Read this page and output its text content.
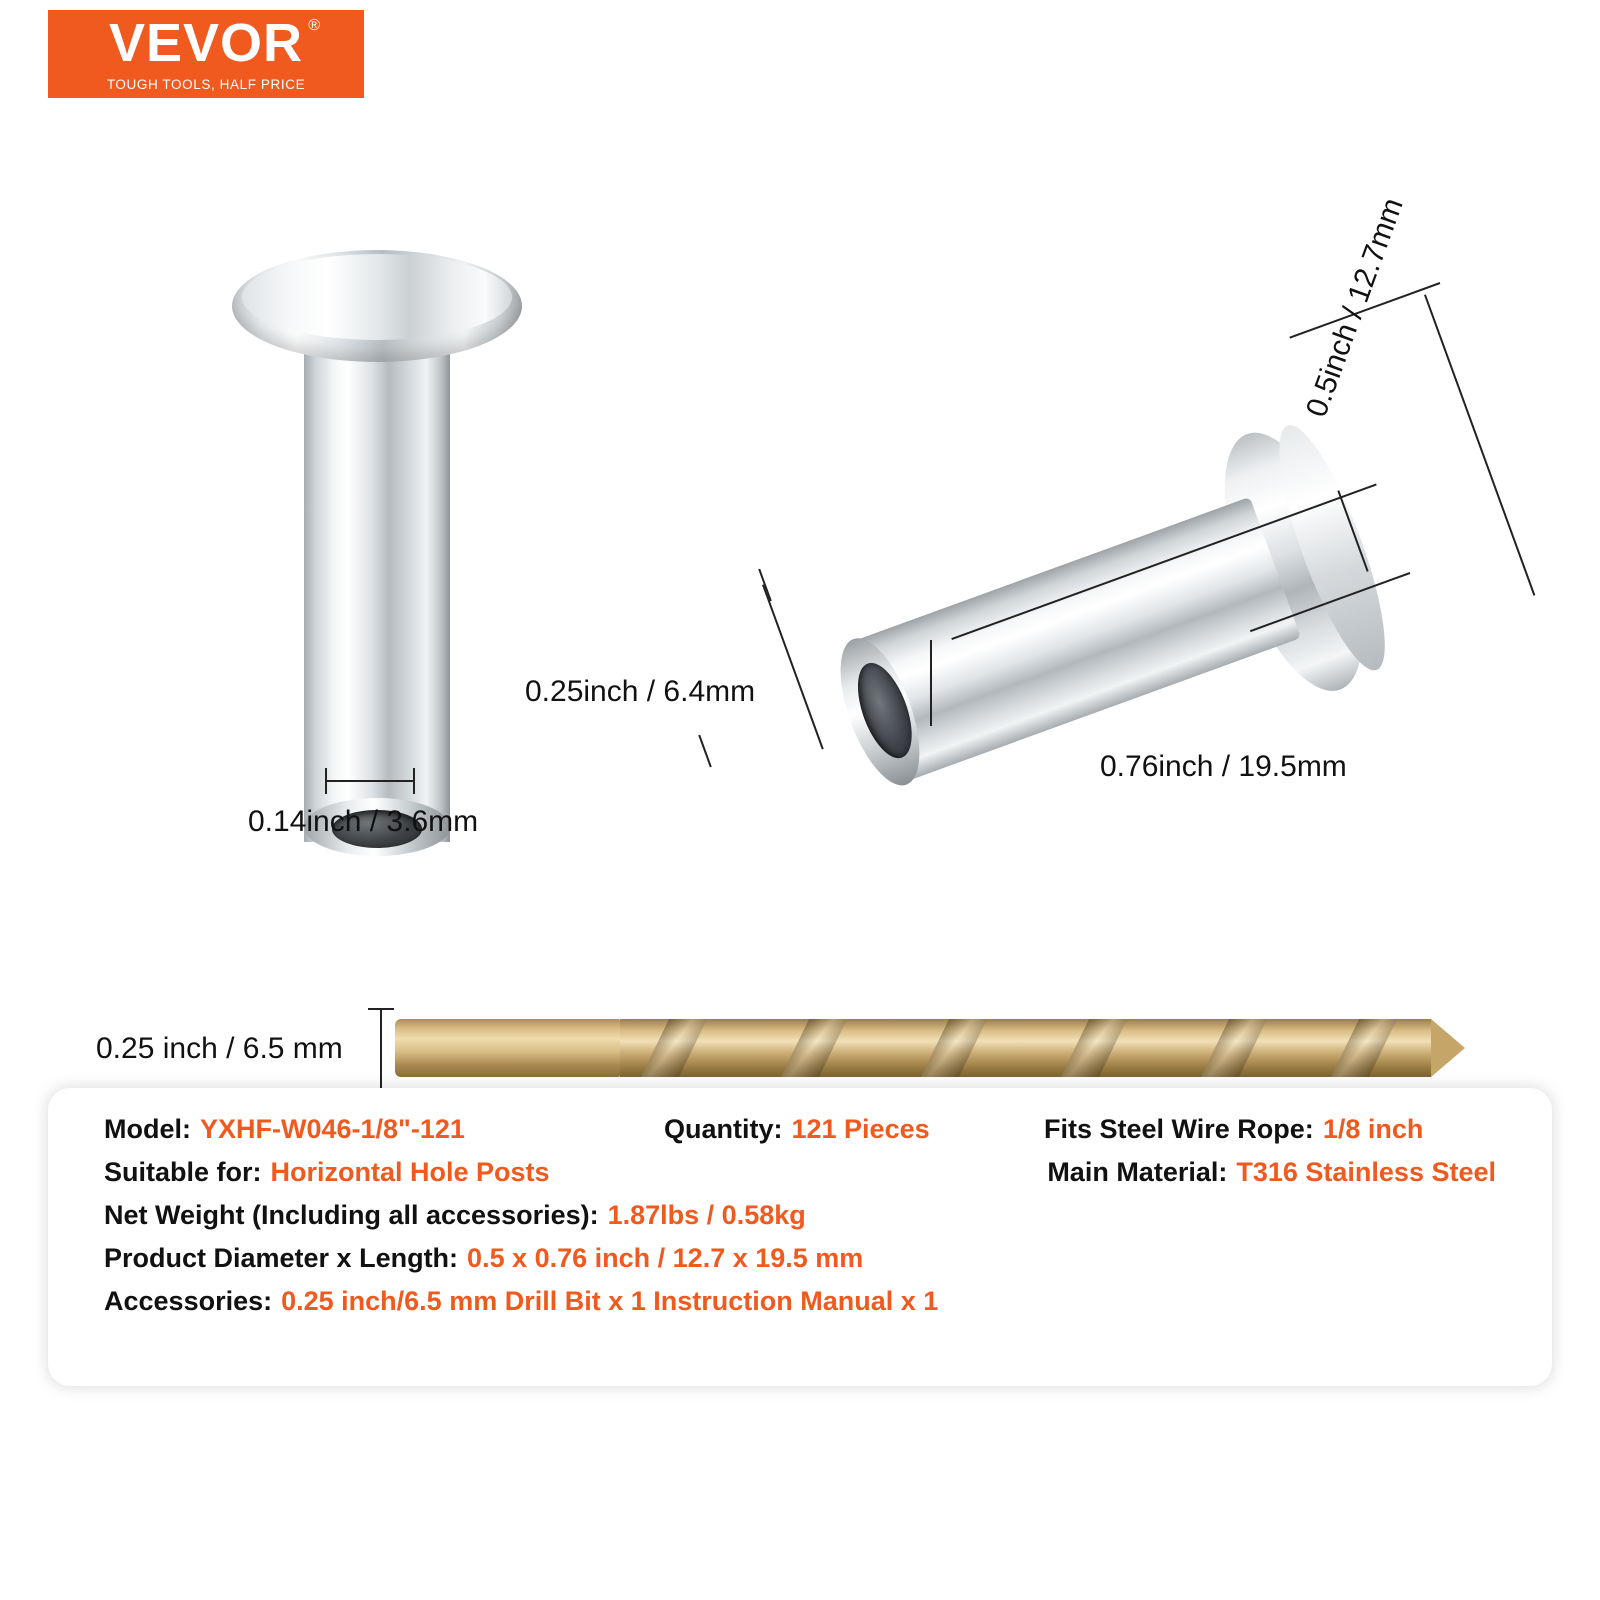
VEVOR ®
TOUGH TOOLS, HALF PRICE
0.14inch / 3.6mm
0.25inch / 6.4mm
0.5inch / 12.7mm
0.76inch / 19.5mm
0.25 inch / 6.5 mm
Model: YXHF-W046-1/8"-121	Quantity: 121 Pieces	Fits Steel Wire Rope: 1/8 inch
Suitable for: Horizontal Hole Posts	Main Material: T316 Stainless Steel
Net Weight (Including all accessories): 1.87lbs / 0.58kg
Product Diameter x Length: 0.5 x 0.76 inch / 12.7 x 19.5 mm
Accessories: 0.25 inch/6.5 mm Drill Bit x 1 Instruction Manual x 1
